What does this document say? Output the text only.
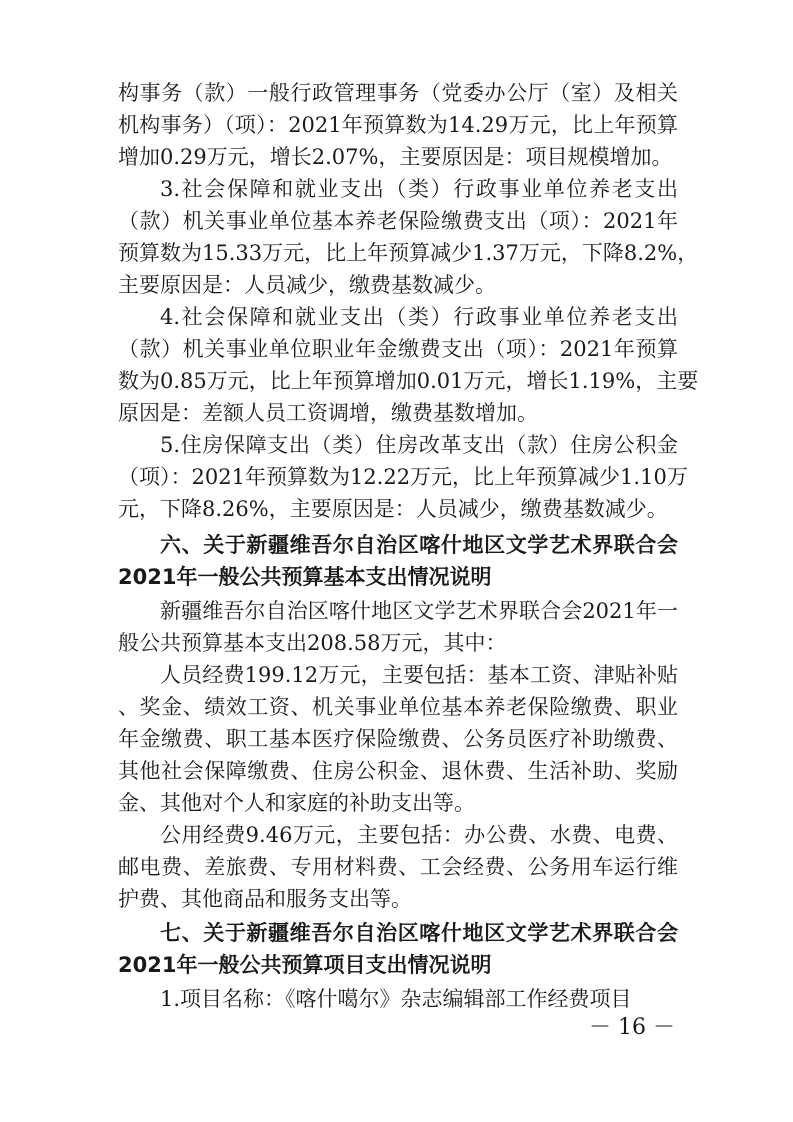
构事务（款）一般行政管理事务（党委办公厅（室）及相关
机构事务）（项）：2021年预算数为14.29万元，比上年预算
增加0.29万元，增长2.07%，主要原因是：项目规模增加。
3.社会保障和就业支出（类）行政事业单位养老支出
（款）机关事业单位基本养老保险缴费支出（项）：2021年
预算数为15.33万元，比上年预算减少1.37万元，下降8.2%，
主要原因是：人员减少，缴费基数减少。
4.社会保障和就业支出（类）行政事业单位养老支出
（款）机关事业单位职业年金缴费支出（项）：2021年预算
数为0.85万元，比上年预算增加0.01万元，增长1.19%，主要
原因是：差额人员工资调增，缴费基数增加。
5.住房保障支出（类）住房改革支出（款）住房公积金
（项）：2021年预算数为12.22万元，比上年预算减少1.10万
元，下降8.26%，主要原因是：人员减少，缴费基数减少。
六、关于新疆维吾尔自治区喀什地区文学艺术界联合会
2021年一般公共预算基本支出情况说明
新疆维吾尔自治区喀什地区文学艺术界联合会2021年一
般公共预算基本支出208.58万元，其中：
人员经费199.12万元，主要包括：基本工资、津贴补贴
、奖金、绩效工资、机关事业单位基本养老保险缴费、职业
年金缴费、职工基本医疗保险缴费、公务员医疗补助缴费、
其他社会保障缴费、住房公积金、退休费、生活补助、奖励
金、其他对个人和家庭的补助支出等。
公用经费9.46万元，主要包括：办公费、水费、电费、
邮电费、差旅费、专用材料费、工会经费、公务用车运行维
护费、其他商品和服务支出等。
七、关于新疆维吾尔自治区喀什地区文学艺术界联合会
2021年一般公共预算项目支出情况说明
1.项目名称：《喀什噶尔》杂志编辑部工作经费项目
－ 16 －
